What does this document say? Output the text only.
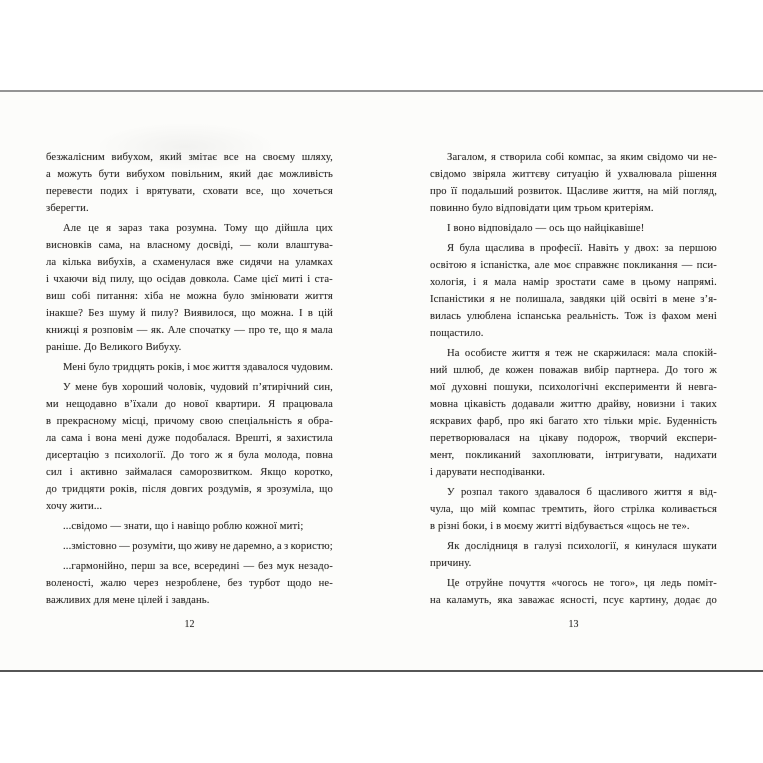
безжалісним вибухом, який змітає все на своєму шляху,
а можуть бути вибухом повільним, який дає можливість
перевести подих і врятувати, сховати все, що хочеться
зберегти.
Але це я зараз така розумна. Тому що дійшла цих
висновків сама, на власному досвіді, — коли влаштува-
ла кілька вибухів, а схаменулася вже сидячи на уламках
і чхаючи від пилу, що осідав довкола. Саме цієї миті і ста-
виш собі питання: хіба не можна було змінювати життя
інакше? Без шуму й пилу? Виявилося, що можна. І в цій
книжці я розповім — як. Але спочатку — про те, що я мала
раніше. До Великого Вибуху.
Мені було тридцять років, і моє життя здавалося чудовим.
У мене був хороший чоловік, чудовий п’ятирічний син,
ми нещодавно в’їхали до нової квартири. Я працювала
в прекрасному місці, причому свою спеціальність я обра-
ла сама і вона мені дуже подобалася. Врешті, я захистила
дисертацію з психології. До того ж я була молода, повна
сил і активно займалася саморозвитком. Якщо коротко,
до тридцяти років, після довгих роздумів, я зрозуміла, що
хочу жити...
...свідомо — знати, що і навіщо роблю кожної миті;
...змістовно — розуміти, що живу не даремно, а з користю;
...гармонійно, перш за все, всередині — без мук незадо-
воленості, жалю через незроблене, без турбот щодо не-
важливих для мене цілей і завдань.
12
Загалом, я створила собі компас, за яким свідомо чи не-
свідомо звіряла життєву ситуацію й ухвалювала рішення
про її подальший розвиток. Щасливе життя, на мій погляд,
повинно було відповідати цим трьом критеріям.
І воно відповідало — ось що найцікавіше!
Я була щаслива в професії. Навіть у двох: за першою
освітою я іспаністка, але моє справжнє покликання — пси-
хологія, і я мала намір зростати саме в цьому напрямі.
Іспаністики я не полишала, завдяки цій освіті в мене з’я-
вилась улюблена іспанська реальність. Тож із фахом мені
пощастило.
На особисте життя я теж не скаржилася: мала спокій-
ний шлюб, де кожен поважав вибір партнера. До того ж
мої духовні пошуки, психологічні експерименти й невга-
мовна цікавість додавали життю драйву, новизни і таких
яскравих фарб, про які багато хто тільки мріє. Буденність
перетворювалася на цікаву подорож, творчий експери-
мент, покликаний захоплювати, інтригувати, надихати
і дарувати несподіванки.
У розпал такого здавалося б щасливого життя я від-
чула, що мій компас тремтить, його стрілка коливається
в різні боки, і в моєму житті відбувається «щось не те».
Як дослідниця в галузі психології, я кинулася шукати
причину.
Це отруйне почуття «чогось не того», ця ледь поміт-
на каламуть, яка заважає ясності, псує картину, додає до
13
